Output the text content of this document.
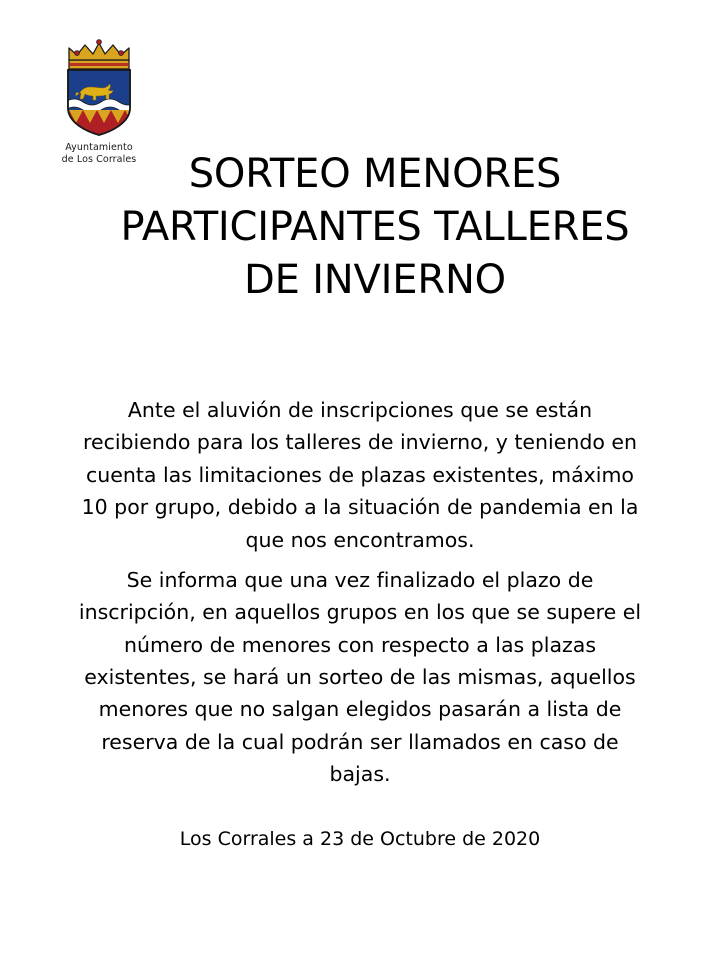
Ayuntamiento
de Los Corrales	SORTEO MENORES
PARTICIPANTES TALLERES
DE INVIERNO

Ante el aluvión de inscripciones que se están
recibiendo para los talleres de invierno, y teniendo en
cuenta las limitaciones de plazas existentes, máximo
10 por grupo, debido a la situación de pandemia en la
que nos encontramos.

Se informa que una vez finalizado el plazo de
inscripción, en aquellos grupos en los que se supere el
número de menores con respecto a las plazas
existentes, se hará un sorteo de las mismas, aquellos
menores que no salgan elegidos pasarán a lista de
reserva de la cual podrán ser llamados en caso de
bajas.

Los Corrales a 23 de Octubre de 2020
